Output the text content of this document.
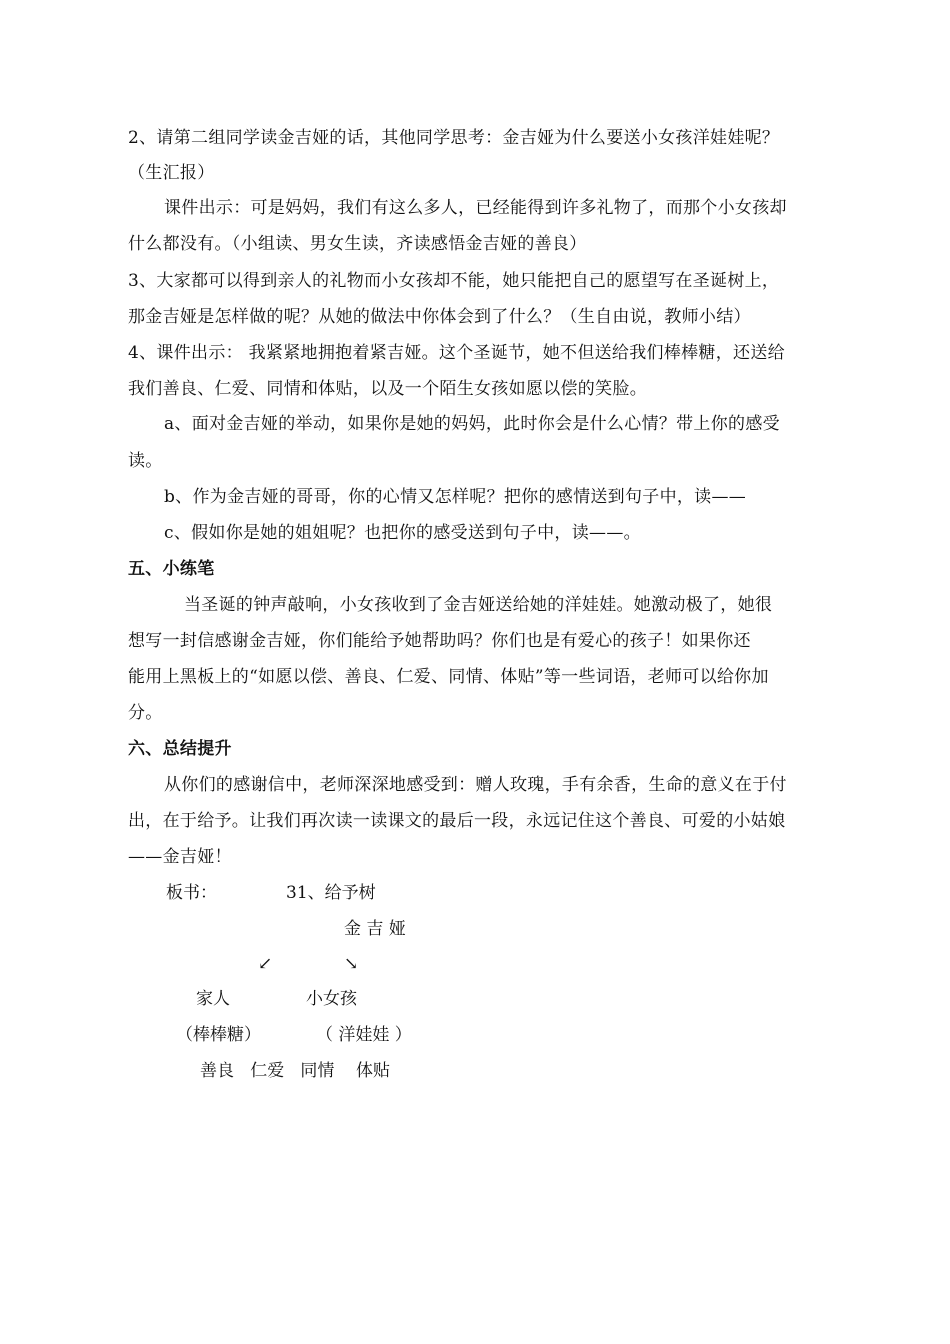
2、请第二组同学读金吉娅的话，其他同学思考：金吉娅为什么要送小女孩洋娃娃呢？
（生汇报）
课件出示：可是妈妈，我们有这么多人，已经能得到许多礼物了，而那个小女孩却
什么都没有。（小组读、男女生读，齐读感悟金吉娅的善良）
3、大家都可以得到亲人的礼物而小女孩却不能，她只能把自己的愿望写在圣诞树上，
那金吉娅是怎样做的呢？从她的做法中你体会到了什么？（生自由说，教师小结）
4、课件出示： 我紧紧地拥抱着紧吉娅。这个圣诞节，她不但送给我们棒棒糖，还送给
我们善良、仁爱、同情和体贴，以及一个陌生女孩如愿以偿的笑脸。
a、面对金吉娅的举动，如果你是她的妈妈，此时你会是什么心情？带上你的感受
读。
b、作为金吉娅的哥哥，你的心情又怎样呢？把你的感情送到句子中，读——
c、假如你是她的姐姐呢？也把你的感受送到句子中，读——。
五、小练笔
当圣诞的钟声敲响，小女孩收到了金吉娅送给她的洋娃娃。她激动极了，她很
想写一封信感谢金吉娅，你们能给予她帮助吗？你们也是有爱心的孩子！如果你还
能用上黑板上的“如愿以偿、善良、仁爱、同情、体贴”等一些词语，老师可以给你加
分。
六、总结提升
从你们的感谢信中，老师深深地感受到：赠人玫瑰，手有余香，生命的意义在于付
出，在于给予。让我们再次读一读课文的最后一段，永远记住这个善良、可爱的小姑娘
——金吉娅！
板书：	31、给予树
金 吉 娅
↙	↘
家人	小女孩
（棒棒糖）	（ 洋娃娃 ）
善良   仁爱   同情    体贴
